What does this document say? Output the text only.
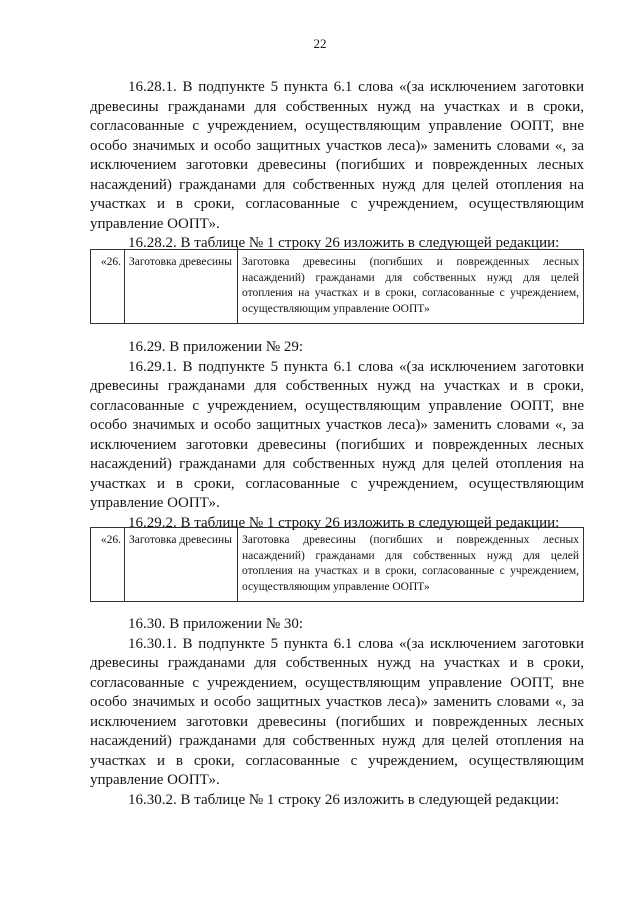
22

16.28.1. В подпункте 5 пункта 6.1 слова «(за исключением заготовки древесины гражданами для собственных нужд на участках и в сроки, согласованные с учреждением, осуществляющим управление ООПТ, вне особо значимых и особо защитных участков леса)» заменить словами «, за исключением заготовки древесины (погибших и поврежденных лесных насаждений) гражданами для собственных нужд для целей отопления на участках и в сроки, согласованные с учреждением, осуществляющим управление ООПТ».

16.28.2. В таблице № 1 строку 26 изложить в следующей редакции:

«26.	Заготовка древесины	Заготовка древесины (погибших и поврежденных лесных насаждений) гражданами для собственных нужд для целей отопления на участках и в сроки, согласованные с учреждением, осуществляющим управление ООПТ»

16.29. В приложении № 29:

16.29.1. В подпункте 5 пункта 6.1 слова «(за исключением заготовки древесины гражданами для собственных нужд на участках и в сроки, согласованные с учреждением, осуществляющим управление ООПТ, вне особо значимых и особо защитных участков леса)» заменить словами «, за исключением заготовки древесины (погибших и поврежденных лесных насаждений) гражданами для собственных нужд для целей отопления на участках и в сроки, согласованные с учреждением, осуществляющим управление ООПТ».

16.29.2. В таблице № 1 строку 26 изложить в следующей редакции:

«26.	Заготовка древесины	Заготовка древесины (погибших и поврежденных лесных насаждений) гражданами для собственных нужд для целей отопления на участках и в сроки, согласованные с учреждением, осуществляющим управление ООПТ»

16.30. В приложении № 30:

16.30.1. В подпункте 5 пункта 6.1 слова «(за исключением заготовки древесины гражданами для собственных нужд на участках и в сроки, согласованные с учреждением, осуществляющим управление ООПТ, вне особо значимых и особо защитных участков леса)» заменить словами «, за исключением заготовки древесины (погибших и поврежденных лесных насаждений) гражданами для собственных нужд для целей отопления на участках и в сроки, согласованные с учреждением, осуществляющим управление ООПТ».

16.30.2. В таблице № 1 строку 26 изложить в следующей редакции:
